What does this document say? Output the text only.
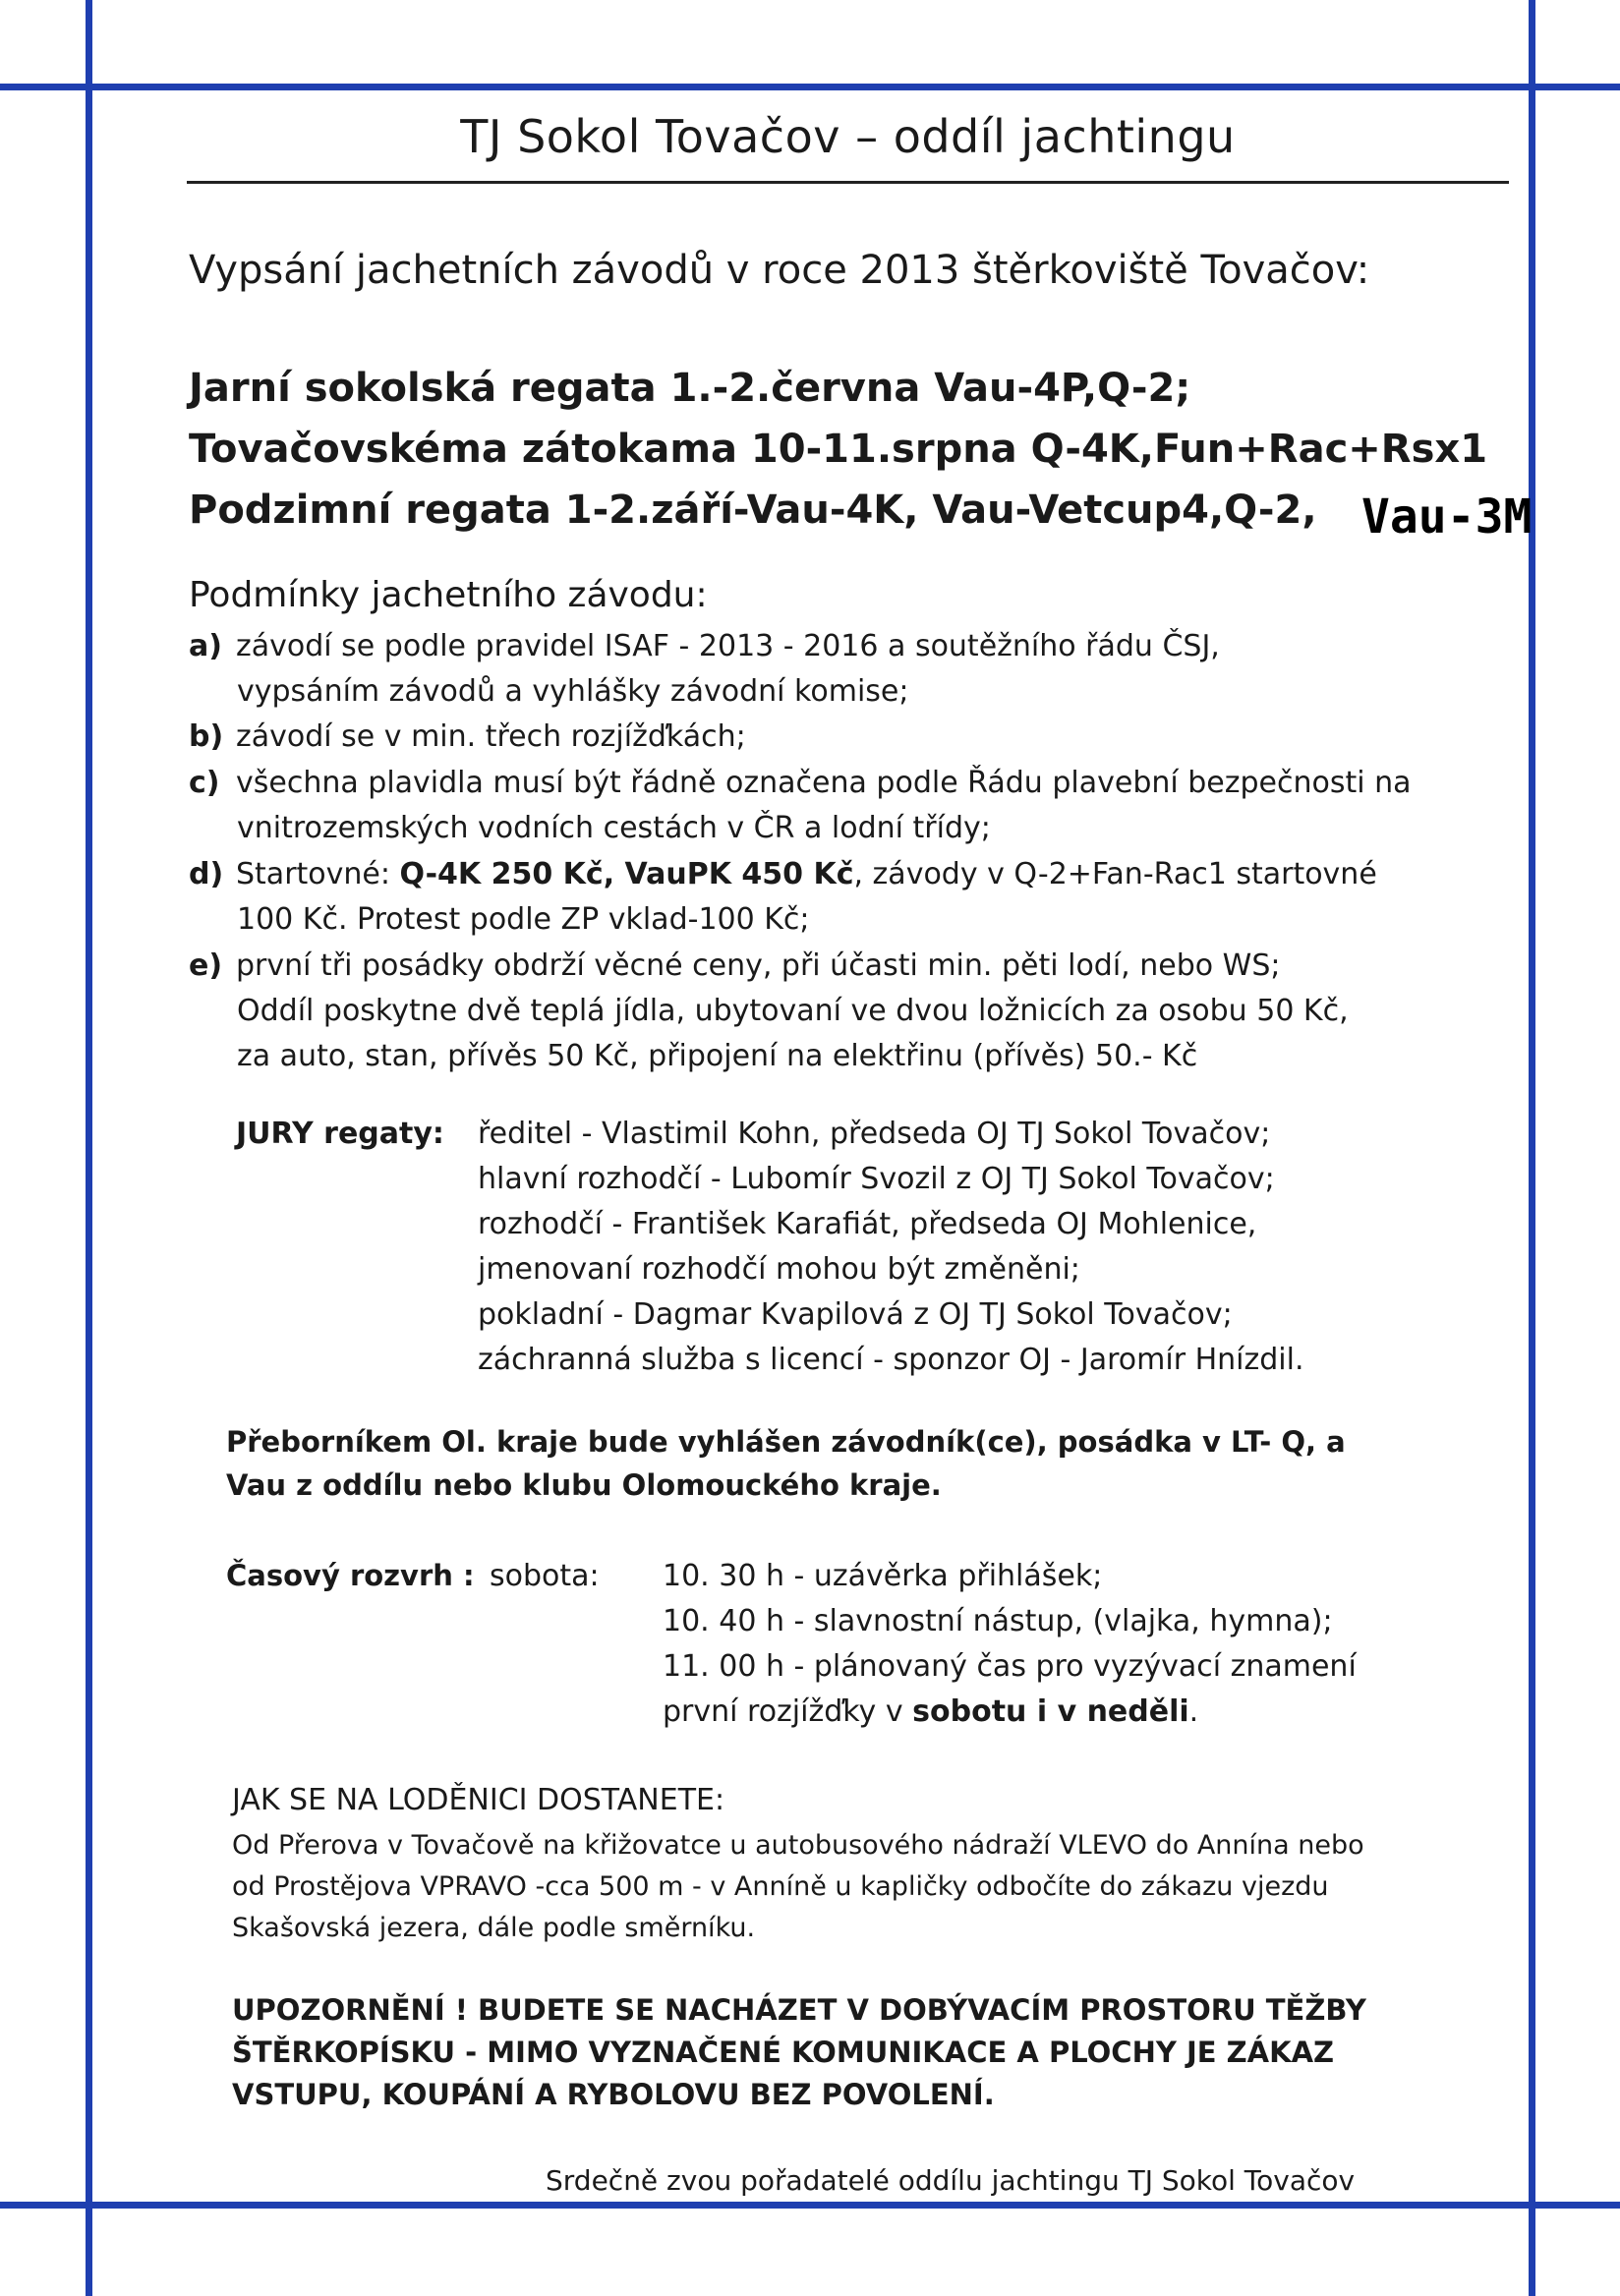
TJ Sokol Tovačov – oddíl jachtingu
Vypsání jachetních závodů v roce 2013 štěrkoviště Tovačov:
Jarní sokolská regata 1.-2.června Vau-4P,Q-2;
Tovačovskéma zátokama 10-11.srpna Q-4K,Fun+Rac+Rsx1
Podzimní regata 1-2.září-Vau-4K, Vau-Vetcup4,Q-2, Vau-3M
Podmínky jachetního závodu:
a) závodí se podle pravidel ISAF - 2013 - 2016 a soutěžního řádu ČSJ,
vypsáním závodů a vyhlášky závodní komise;
b) závodí se v min. třech rozjížďkách;
c) všechna plavidla musí být řádně označena podle Řádu plavební bezpečnosti na
vnitrozemských vodních cestách v ČR a lodní třídy;
d) Startovné: Q-4K 250 Kč, VauPK 450 Kč, závody v Q-2+Fan-Rac1 startovné
100 Kč. Protest podle ZP vklad-100 Kč;
e) první tři posádky obdrží věcné ceny, při účasti min. pěti lodí, nebo WS;
Oddíl poskytne dvě teplá jídla, ubytovaní ve dvou ložnicích za osobu 50 Kč,
za auto, stan, přívěs 50 Kč, připojení na elektřinu (přívěs) 50.- Kč
JURY regaty: ředitel - Vlastimil Kohn, předseda OJ TJ Sokol Tovačov;
hlavní rozhodčí - Lubomír Svozil z OJ TJ Sokol Tovačov;
rozhodčí - František Karafiát, předseda OJ Mohlenice,
jmenovaní rozhodčí mohou být změněni;
pokladní - Dagmar Kvapilová z OJ TJ Sokol Tovačov;
záchranná služba s licencí - sponzor OJ - Jaromír Hnízdil.
Přeborníkem Ol. kraje bude vyhlášen závodník(ce), posádka v LT- Q, a
Vau z oddílu nebo klubu Olomouckého kraje.
Časový rozvrh : sobota: 10. 30 h - uzávěrka přihlášek;
10. 40 h - slavnostní nástup, (vlajka, hymna);
11. 00 h - plánovaný čas pro vyzývací znamení
první rozjížďky v sobotu i v neděli.
JAK SE NA LODĚNICI DOSTANETE:
Od Přerova v Tovačově na křižovatce u autobusového nádraží VLEVO do Annína nebo
od Prostějova VPRAVO -cca 500 m - v Anníně u kapličky odbočíte do zákazu vjezdu
Skašovská jezera, dále podle směrníku.
UPOZORNĚNÍ ! BUDETE SE NACHÁZET V DOBÝVACÍM PROSTORU TĚŽBY
ŠTĚRKOPÍSKU - MIMO VYZNAČENÉ KOMUNIKACE A PLOCHY JE ZÁKAZ
VSTUPU, KOUPÁNÍ A RYBOLOVU BEZ POVOLENÍ.
Srdečně zvou pořadatelé oddílu jachtingu TJ Sokol Tovačov
